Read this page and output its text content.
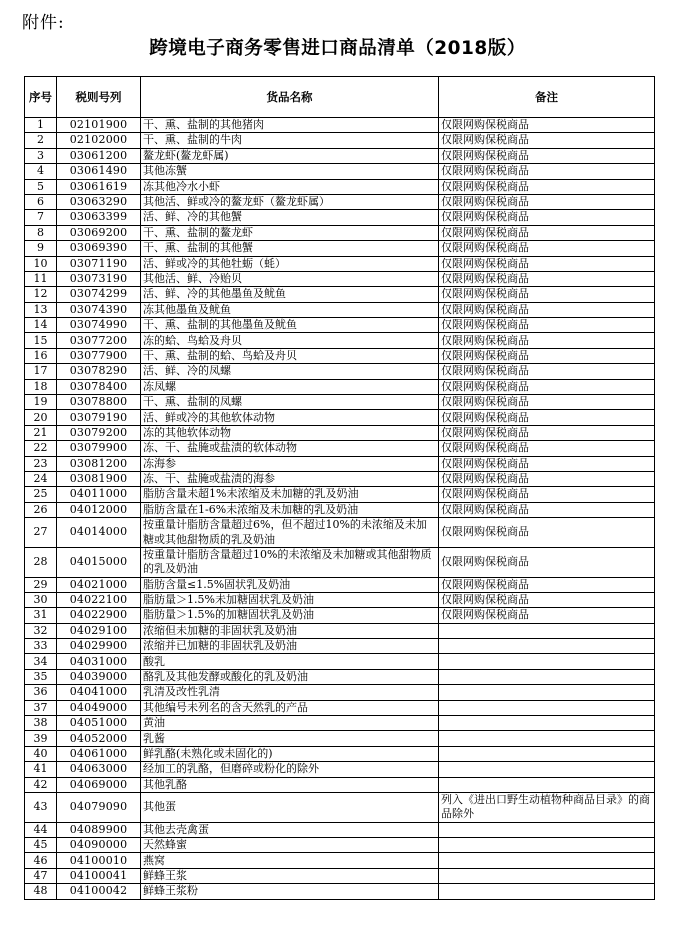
附件:
跨境电子商务零售进口商品清单（2018版）
序号	税则号列	货品名称	备注
1	02101900	干、熏、盐制的其他猪肉	仅限网购保税商品
2	02102000	干、熏、盐制的牛肉	仅限网购保税商品
3	03061200	鳌龙虾(鳌龙虾属)	仅限网购保税商品
4	03061490	其他冻蟹	仅限网购保税商品
5	03061619	冻其他冷水小虾	仅限网购保税商品
6	03063290	其他活、鲜或冷的鳌龙虾（鳌龙虾属）	仅限网购保税商品
7	03063399	活、鲜、冷的其他蟹	仅限网购保税商品
8	03069200	干、熏、盐制的鳌龙虾	仅限网购保税商品
9	03069390	干、熏、盐制的其他蟹	仅限网购保税商品
10	03071190	活、鲜或冷的其他牡蛎（蚝）	仅限网购保税商品
11	03073190	其他活、鲜、冷贻贝	仅限网购保税商品
12	03074299	活、鲜、冷的其他墨鱼及鱿鱼	仅限网购保税商品
13	03074390	冻其他墨鱼及鱿鱼	仅限网购保税商品
14	03074990	干、熏、盐制的其他墨鱼及鱿鱼	仅限网购保税商品
15	03077200	冻的蛤、鸟蛤及舟贝	仅限网购保税商品
16	03077900	干、熏、盐制的蛤、鸟蛤及舟贝	仅限网购保税商品
17	03078290	活、鲜、冷的凤螺	仅限网购保税商品
18	03078400	冻凤螺	仅限网购保税商品
19	03078800	干、熏、盐制的凤螺	仅限网购保税商品
20	03079190	活、鲜或冷的其他软体动物	仅限网购保税商品
21	03079200	冻的其他软体动物	仅限网购保税商品
22	03079900	冻、干、盐腌或盐渍的软体动物	仅限网购保税商品
23	03081200	冻海参	仅限网购保税商品
24	03081900	冻、干、盐腌或盐渍的海参	仅限网购保税商品
25	04011000	脂肪含量未超1%未浓缩及未加糖的乳及奶油	仅限网购保税商品
26	04012000	脂肪含量在1-6%未浓缩及未加糖的乳及奶油	仅限网购保税商品
27	04014000	按重量计脂肪含量超过6%，但不超过10%的未浓缩及未加糖或其他甜物质的乳及奶油	仅限网购保税商品
28	04015000	按重量计脂肪含量超过10%的未浓缩及未加糖或其他甜物质的乳及奶油	仅限网购保税商品
29	04021000	脂肪含量≤1.5%固状乳及奶油	仅限网购保税商品
30	04022100	脂肪量＞1.5%未加糖固状乳及奶油	仅限网购保税商品
31	04022900	脂肪量＞1.5%的加糖固状乳及奶油	仅限网购保税商品
32	04029100	浓缩但未加糖的非固状乳及奶油	
33	04029900	浓缩并已加糖的非固状乳及奶油	
34	04031000	酸乳	
35	04039000	酪乳及其他发酵或酸化的乳及奶油	
36	04041000	乳清及改性乳清	
37	04049000	其他编号未列名的含天然乳的产品	
38	04051000	黄油	
39	04052000	乳酱	
40	04061000	鲜乳酪(未熟化或未固化的)	
41	04063000	经加工的乳酪，但磨碎或粉化的除外	
42	04069000	其他乳酪	
43	04079090	其他蛋	列入《进出口野生动植物种商品目录》的商品除外
44	04089900	其他去壳禽蛋	
45	04090000	天然蜂蜜	
46	04100010	燕窝	
47	04100041	鲜蜂王浆	
48	04100042	鲜蜂王浆粉	
